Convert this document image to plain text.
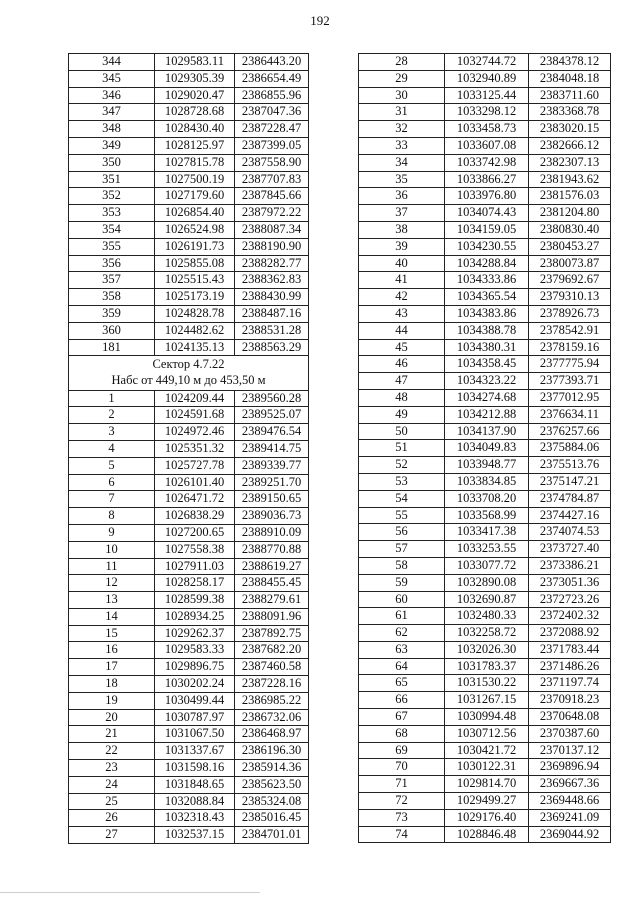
192
344	1029583.11	2386443.20
345	1029305.39	2386654.49
346	1029020.47	2386855.96
347	1028728.68	2387047.36
348	1028430.40	2387228.47
349	1028125.97	2387399.05
350	1027815.78	2387558.90
351	1027500.19	2387707.83
352	1027179.60	2387845.66
353	1026854.40	2387972.22
354	1026524.98	2388087.34
355	1026191.73	2388190.90
356	1025855.08	2388282.77
357	1025515.43	2388362.83
358	1025173.19	2388430.99
359	1024828.78	2388487.16
360	1024482.62	2388531.28
181	1024135.13	2388563.29

Сектор 4.7.22
Набс от 449,10 м до 453,50 м		

1	1024209.44	2389560.28
2	1024591.68	2389525.07
3	1024972.46	2389476.54
4	1025351.32	2389414.75
5	1025727.78	2389339.77
6	1026101.40	2389251.70
7	1026471.72	2389150.65
8	1026838.29	2389036.73
9	1027200.65	2388910.09
10	1027558.38	2388770.88
11	1027911.03	2388619.27
12	1028258.17	2388455.45
13	1028599.38	2388279.61
14	1028934.25	2388091.96
15	1029262.37	2387892.75
16	1029583.33	2387682.20
17	1029896.75	2387460.58
18	1030202.24	2387228.16
19	1030499.44	2386985.22
20	1030787.97	2386732.06
21	1031067.50	2386468.97
22	1031337.67	2386196.30
23	1031598.16	2385914.36
24	1031848.65	2385623.50
25	1032088.84	2385324.08
26	1032318.43	2385016.45
27	1032537.15	2384701.01
28	1032744.72	2384378.12
29	1032940.89	2384048.18
30	1033125.44	2383711.60
31	1033298.12	2383368.78
32	1033458.73	2383020.15
33	1033607.08	2382666.12
34	1033742.98	2382307.13
35	1033866.27	2381943.62
36	1033976.80	2381576.03
37	1034074.43	2381204.80
38	1034159.05	2380830.40
39	1034230.55	2380453.27
40	1034288.84	2380073.87
41	1034333.86	2379692.67
42	1034365.54	2379310.13
43	1034383.86	2378926.73
44	1034388.78	2378542.91
45	1034380.31	2378159.16
46	1034358.45	2377775.94
47	1034323.22	2377393.71
48	1034274.68	2377012.95
49	1034212.88	2376634.11
50	1034137.90	2376257.66
51	1034049.83	2375884.06
52	1033948.77	2375513.76
53	1033834.85	2375147.21
54	1033708.20	2374784.87
55	1033568.99	2374427.16
56	1033417.38	2374074.53
57	1033253.55	2373727.40
58	1033077.72	2373386.21
59	1032890.08	2373051.36
60	1032690.87	2372723.26
61	1032480.33	2372402.32
62	1032258.72	2372088.92
63	1032026.30	2371783.44
64	1031783.37	2371486.26
65	1031530.22	2371197.74
66	1031267.15	2370918.23
67	1030994.48	2370648.08
68	1030712.56	2370387.60
69	1030421.72	2370137.12
70	1030122.31	2369896.94
71	1029814.70	2369667.36
72	1029499.27	2369448.66
73	1029176.40	2369241.09
74	1028846.48	2369044.92
